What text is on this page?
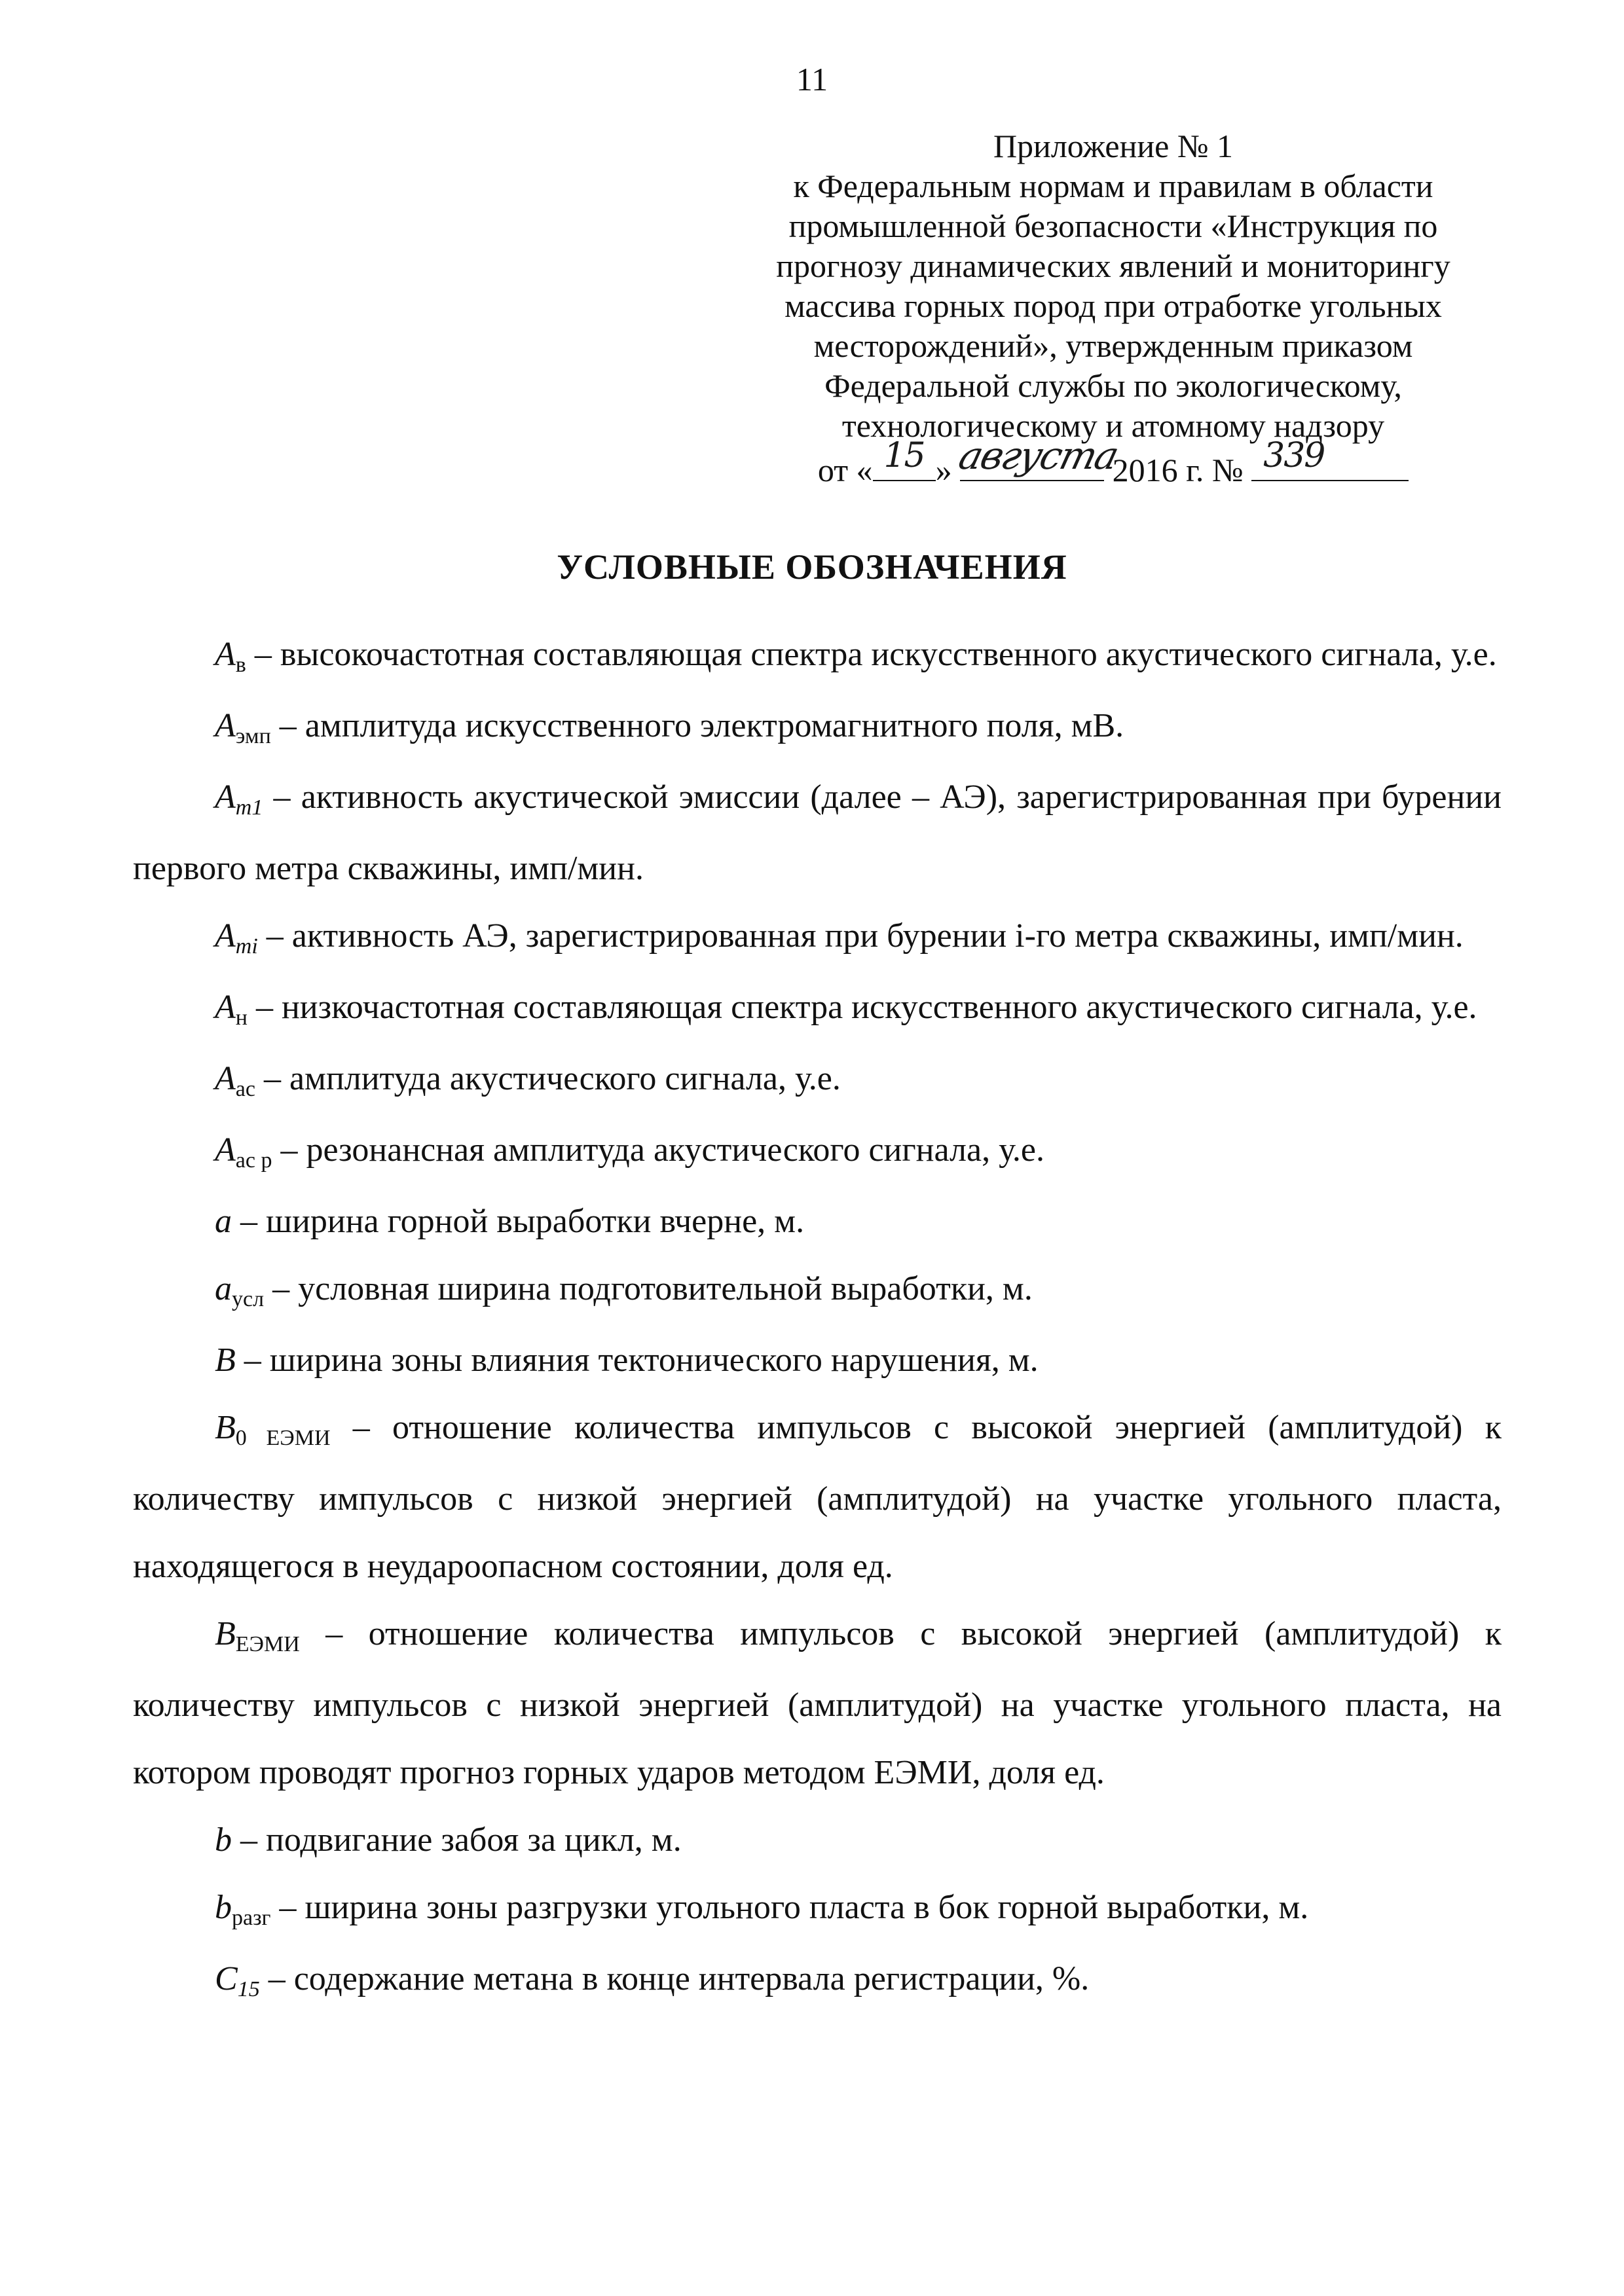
11
Приложение № 1
к Федеральным нормам и правилам в области
промышленной безопасности «Инструкция по
прогнозу динамических явлений и мониторингу
массива горных пород при отработке угольных
месторождений», утвержденным приказом
Федеральной службы по экологическому,
технологическому и атомному надзору
от « 15 » августа
2016 г. № 339
УСЛОВНЫЕ ОБОЗНАЧЕНИЯ

Aв – высокочастотная составляющая спектра искусственного акустического сигнала, у.е.

Aэмп – амплитуда искусственного электромагнитного поля, мВ.

Am1 – активность акустической эмиссии (далее – АЭ), зарегистрированная при бурении первого метра скважины, имп/мин.

Ami – активность АЭ, зарегистрированная при бурении i-го метра скважины, имп/мин.

Aн – низкочастотная составляющая спектра искусственного акустического сигнала, у.е.

Aас – амплитуда акустического сигнала, у.е.

Aас р – резонансная амплитуда акустического сигнала, у.е.

a – ширина горной выработки вчерне, м.

aусл – условная ширина подготовительной выработки, м.

B – ширина зоны влияния тектонического нарушения, м.

B0 ЕЭМИ – отношение количества импульсов с высокой энергией (амплитудой) к количеству импульсов с низкой энергией (амплитудой) на участке угольного пласта, находящегося в неудароопасном состоянии, доля ед.

BЕЭМИ – отношение количества импульсов с высокой энергией (амплитудой) к количеству импульсов с низкой энергией (амплитудой) на участке угольного пласта, на котором проводят прогноз горных ударов методом ЕЭМИ, доля ед.

b – подвигание забоя за цикл, м.

bразг – ширина зоны разгрузки угольного пласта в бок горной выработки, м.

C15 – содержание метана в конце интервала регистрации, %.
